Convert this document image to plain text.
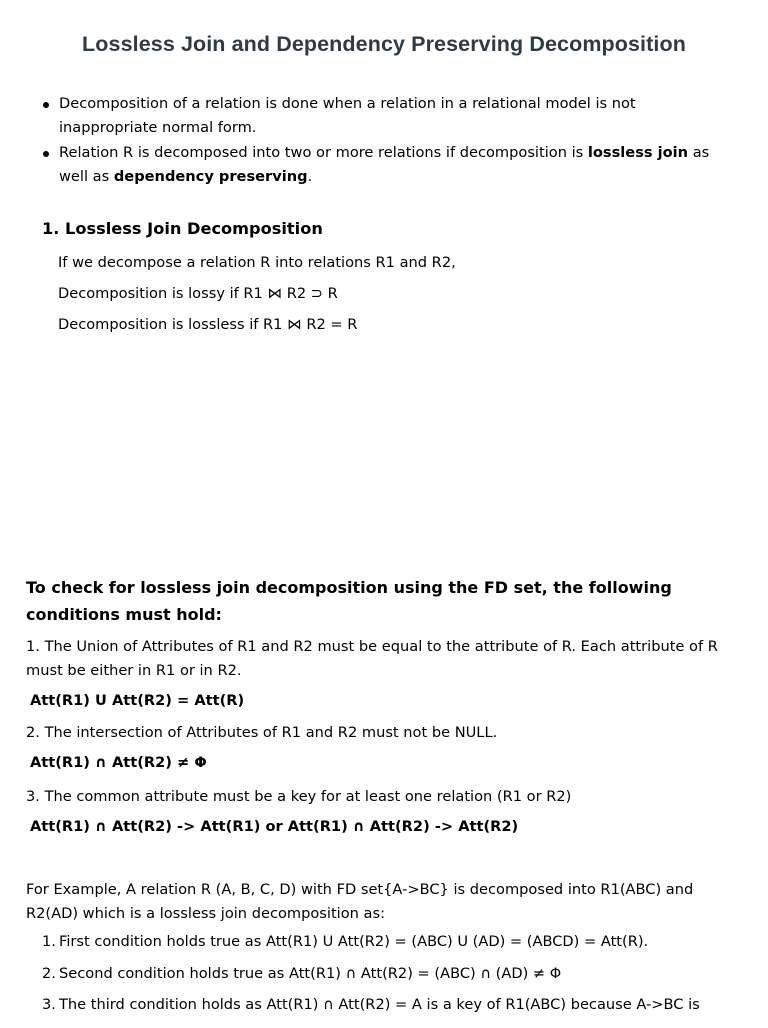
Lossless Join and Dependency Preserving Decomposition
Decomposition of a relation is done when a relation in a relational model is not inappropriate normal form.
Relation R is decomposed into two or more relations if decomposition is lossless join as well as dependency preserving.
1. Lossless Join Decomposition
If we decompose a relation R into relations R1 and R2,
Decomposition is lossy if R1 ⋈ R2 ⊃ R
Decomposition is lossless if R1 ⋈ R2 = R
To check for lossless join decomposition using the FD set, the following conditions must hold:
1. The Union of Attributes of R1 and R2 must be equal to the attribute of R. Each attribute of R must be either in R1 or in R2.
Att(R1) U Att(R2) = Att(R)
2. The intersection of Attributes of R1 and R2 must not be NULL.
Att(R1) ∩ Att(R2) ≠ Φ
3. The common attribute must be a key for at least one relation (R1 or R2)
Att(R1) ∩ Att(R2) -> Att(R1) or Att(R1) ∩ Att(R2) -> Att(R2)
For Example, A relation R (A, B, C, D) with FD set{A->BC} is decomposed into R1(ABC) and R2(AD) which is a lossless join decomposition as:
1. First condition holds true as Att(R1) U Att(R2) = (ABC) U (AD) = (ABCD) = Att(R).
2. Second condition holds true as Att(R1) ∩ Att(R2) = (ABC) ∩ (AD) ≠ Φ
3. The third condition holds as Att(R1) ∩ Att(R2) = A is a key of R1(ABC) because A->BC is
